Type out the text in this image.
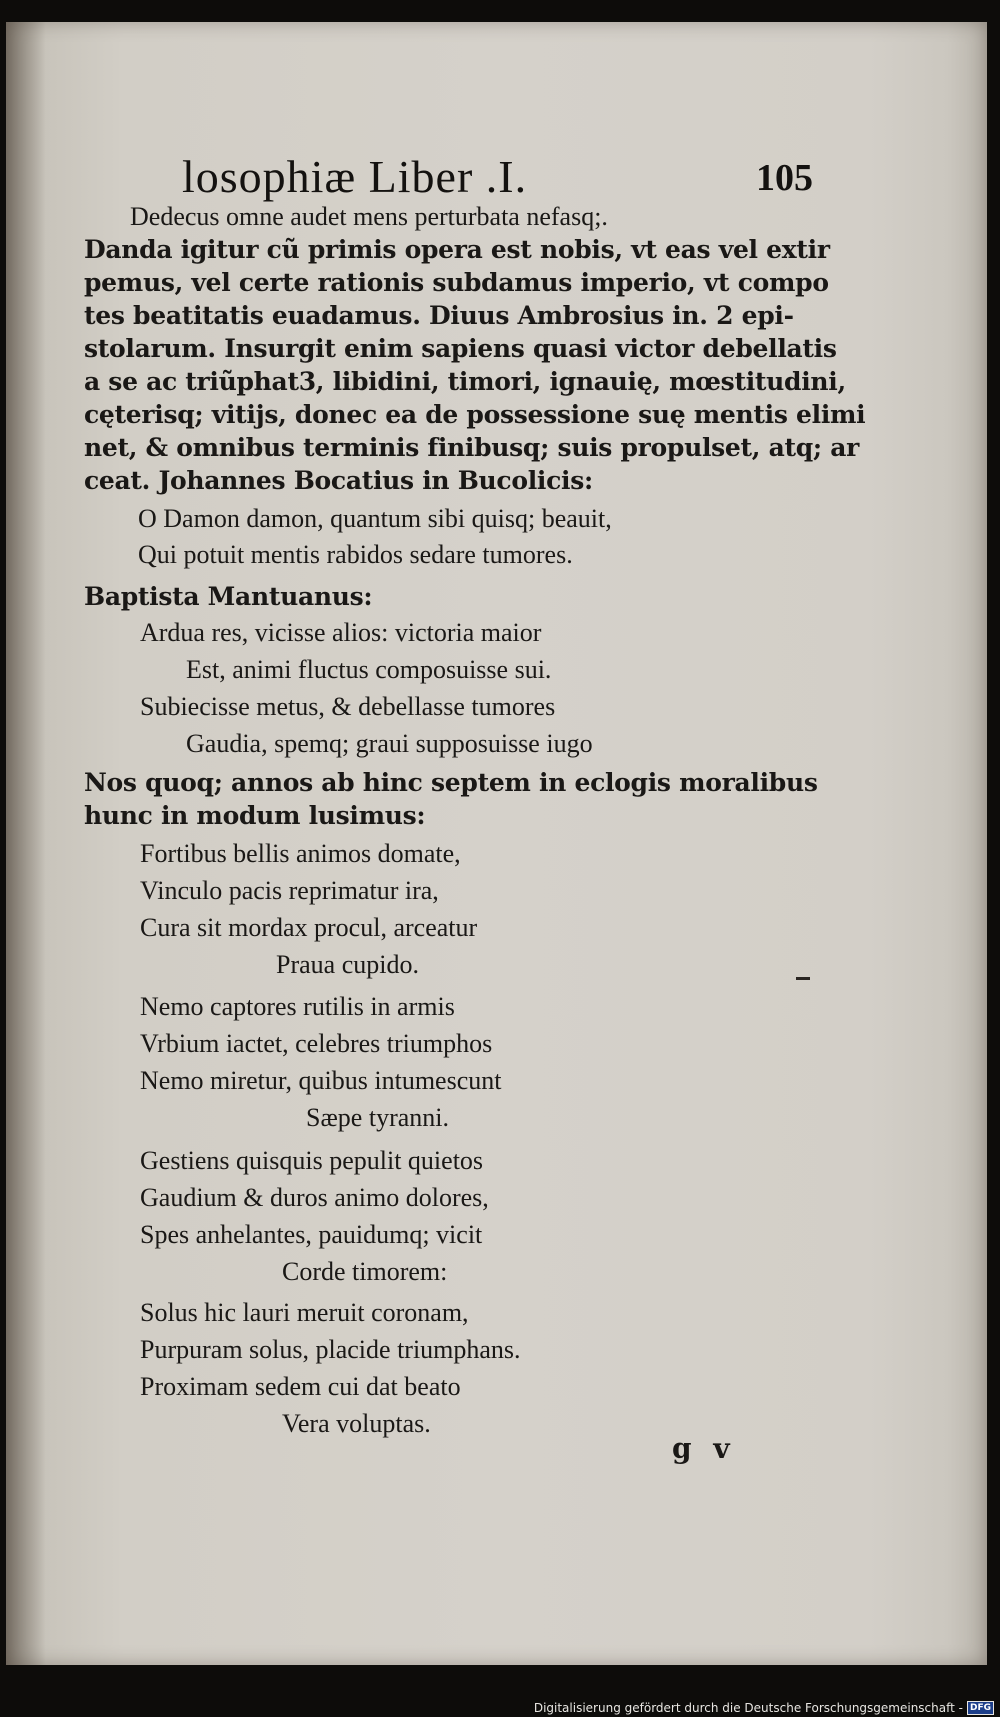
losophiæ Liber .I.	105
Dedecus omne audet mens perturbata nefasq;.
Danda igitur cũ primis opera est nobis, vt eas vel extir
pemus, vel certe rationis subdamus imperio, vt compo
tes beatitatis euadamus. Diuus Ambrosius in. 2 epi-
stolarum. Insurgit enim sapiens quasi victor debellatis
a se ac triũphat3, libidini, timori, ignauię, mœstitudini,
cęterisq; vitijs, donec ea de possessione suę mentis elimi
net, & omnibus terminis finibusq; suis propulset, atq; ar
ceat. Johannes Bocatius in Bucolicis:
O Damon damon, quantum sibi quisq; beauit,
Qui potuit mentis rabidos sedare tumores.
Baptista Mantuanus:
Ardua res, vicisse alios: victoria maior
Est, animi fluctus composuisse sui.
Subiecisse metus, & debellasse tumores
Gaudia, spemq; graui supposuisse iugo
Nos quoq; annos ab hinc septem in eclogis moralibus
hunc in modum lusimus:
Fortibus bellis animos domate,
Vinculo pacis reprimatur ira,
Cura sit mordax procul, arceatur
Praua cupido.
Nemo captores rutilis in armis
Vrbium iactet, celebres triumphos
Nemo miretur, quibus intumescunt
Sæpe tyranni.
Gestiens quisquis pepulit quietos
Gaudium & duros animo dolores,
Spes anhelantes, pauidumq; vicit
Corde timorem:
Solus hic lauri meruit coronam,
Purpuram solus, placide triumphans.
Proximam sedem cui dat beato
Vera voluptas.
g v
Digitalisierung gefördert durch die Deutsche Forschungsgemeinschaft - DFG
